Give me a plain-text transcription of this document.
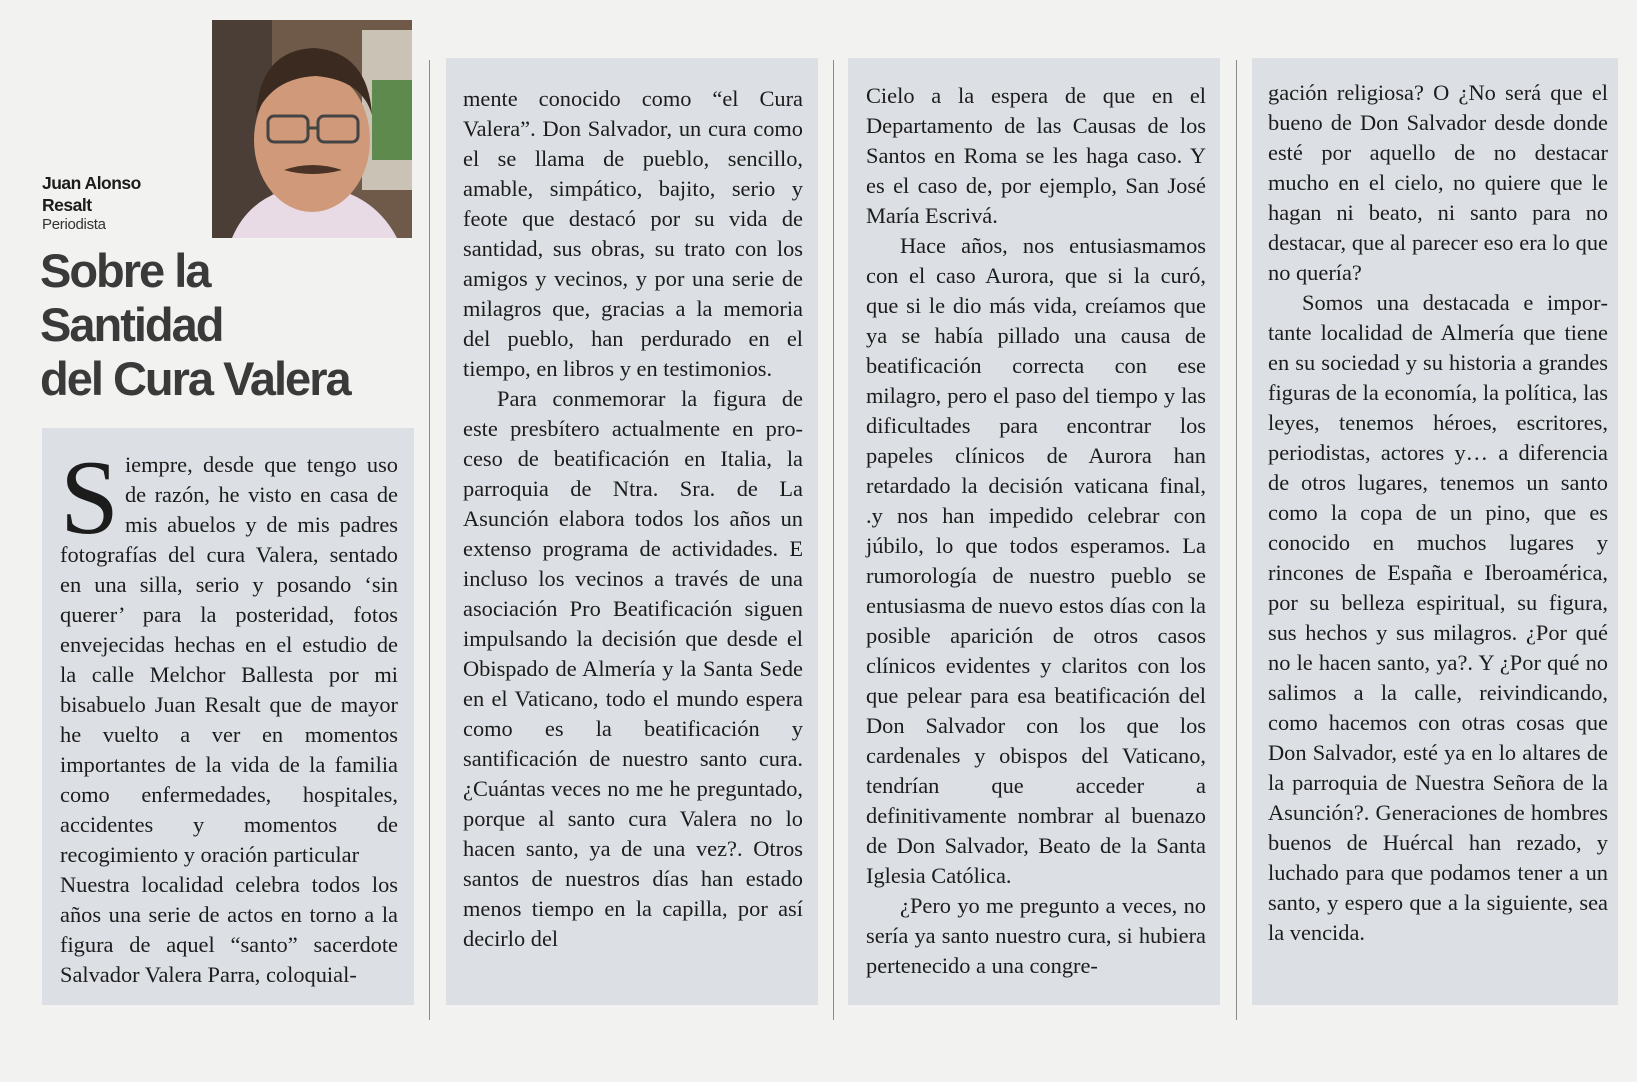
Juan Alonso
Resalt
Periodista
Sobre la Santidad
del Cura Valera

Siempre, desde que tengo uso de razón, he visto en casa de mis abuelos y de mis padres fotografías del cura Valera, sentado en una silla, serio y posando ‘sin querer’ para la posteridad, fotos envejecidas hechas en el estudio de la calle Melchor Ballesta por mi bisabuelo Juan Resalt que de mayor he vuelto a ver en momentos importantes de la vida de la familia como enfermedades, hospitales, accidentes y momentos de recogimiento y oración particular

Nuestra localidad celebra todos los años una serie de actos en torno a la figura de aquel “santo” sacerdote Salvador Valera Parra, coloquial-

mente conocido como “el Cura Valera”. Don Salvador, un cura como el se llama de pueblo, sencillo, amable, simpático, bajito, serio y feote que destacó por su vida de santidad, sus obras, su trato con los amigos y vecinos, y por una serie de milagros que, gracias a la memoria del pueblo, han perdurado en el tiempo, en libros y en testimonios.

Para conmemorar la figura de este presbítero actualmente en proceso de beatificación en Italia, la parroquia de Ntra. Sra. de La Asunción elabora todos los años un extenso programa de actividades. E incluso los vecinos a través de una asociación Pro Beatificación siguen impulsando la decisión que desde el Obispado de Almería y la Santa Sede en el Vaticano, todo el mundo espera como es la beatificación y santificación de nuestro santo cura. ¿Cuántas veces no me he preguntado, porque al santo cura Valera no lo hacen santo, ya de una vez?. Otros santos de nuestros días han estado menos tiempo en la capilla, por así decirlo del

Cielo a la espera de que en el Departamento de las Causas de los Santos en Roma se les haga caso. Y es el caso de, por ejemplo, San José María Escrivá.

Hace años, nos entusiasmamos con el caso Aurora, que si la curó, que si le dio más vida, creíamos que ya se había pillado una causa de beatificación correcta con ese milagro, pero el paso del tiempo y las dificultades para encontrar los papeles clínicos de Aurora han retardado la decisión vaticana final, .y nos han impedido celebrar con júbilo, lo que todos esperamos. La rumorología de nuestro pueblo se entusiasma de nuevo estos días con la posible aparición de otros casos clínicos evidentes y claritos con los que pelear para esa beatificación del Don Salvador con los que los cardenales y obispos del Vaticano, tendrían que acceder a definitivamente nombrar al buenazo de Don Salvador, Beato de la Santa Iglesia Católica.

¿Pero yo me pregunto a veces, no sería ya santo nuestro cura, si hubiera pertenecido a una congre-

gación religiosa? O ¿No será que el bueno de Don Salvador desde donde esté por aquello de no destacar mucho en el cielo, no quiere que le hagan ni beato, ni santo para no destacar, que al parecer eso era lo que no quería?

Somos una destacada e importante localidad de Almería que tiene en su sociedad y su historia a grandes figuras de la economía, la política, las leyes, tenemos héroes, escritores, periodistas, actores y… a diferencia de otros lugares, tenemos un santo como la copa de un pino, que es conocido en muchos lugares y rincones de España e Iberoamérica, por su belleza espiritual, su figura, sus hechos y sus milagros. ¿Por qué no le hacen santo, ya?. Y ¿Por qué no salimos a la calle, reivindicando, como hacemos con otras cosas que Don Salvador, esté ya en lo altares de la parroquia de Nuestra Señora de la Asunción?. Generaciones de hombres buenos de Huércal han rezado, y luchado para que podamos tener a un santo, y espero que a la siguiente, sea la vencida.
